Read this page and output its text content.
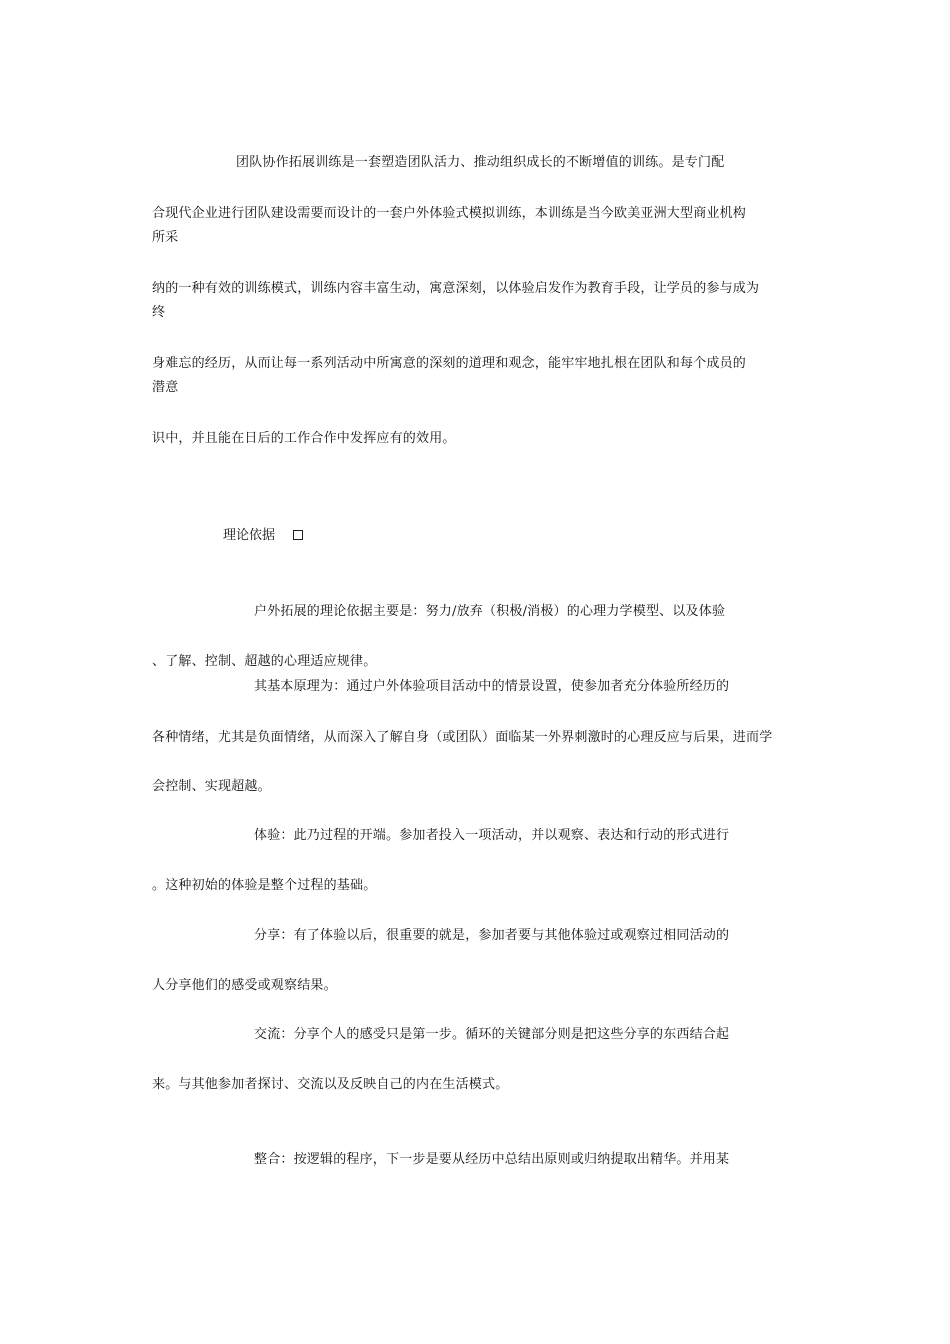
团队协作拓展训练是一套塑造团队活力、推动组织成长的不断增值的训练。是专门配
合现代企业进行团队建设需要而设计的一套户外体验式模拟训练，本训练是当今欧美亚洲大型商业机构
所采
纳的一种有效的训练模式，训练内容丰富生动，寓意深刻，以体验启发作为教育手段，让学员的参与成为
终
身难忘的经历，从而让每一系列活动中所寓意的深刻的道理和观念，能牢牢地扎根在团队和每个成员的
潜意
识中，并且能在日后的工作合作中发挥应有的效用。
理论依据
户外拓展的理论依据主要是：努力/放弃（积极/消极）的心理力学模型、以及体验
、了解、控制、超越的心理适应规律。
其基本原理为：通过户外体验项目活动中的情景设置，使参加者充分体验所经历的
各种情绪，尤其是负面情绪，从而深入了解自身（或团队）面临某一外界刺激时的心理反应与后果，进而学
会控制、实现超越。
体验：此乃过程的开端。参加者投入一项活动，并以观察、表达和行动的形式进行
。这种初始的体验是整个过程的基础。
分享：有了体验以后，很重要的就是，参加者要与其他体验过或观察过相同活动的
人分享他们的感受或观察结果。
交流：分享个人的感受只是第一步。循环的关键部分则是把这些分享的东西结合起
来。与其他参加者探讨、交流以及反映自己的内在生活模式。
整合：按逻辑的程序，下一步是要从经历中总结出原则或归纳提取出精华。并用某
